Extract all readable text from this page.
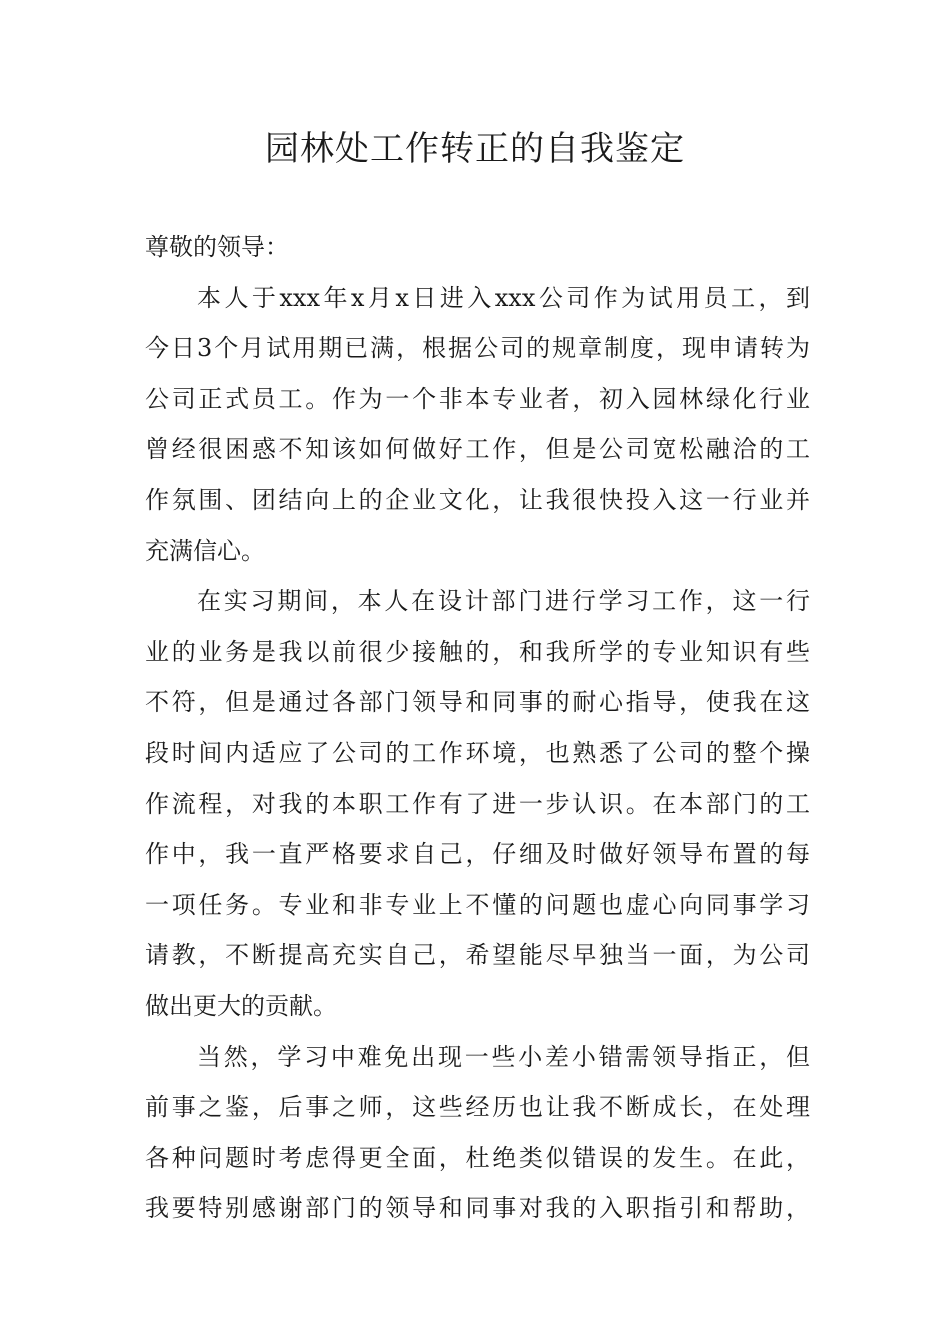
园林处工作转正的自我鉴定
尊敬的领导：
本人于xxx年x月x日进入xxx公司作为试用员工，到
今日3个月试用期已满，根据公司的规章制度，现申请转为
公司正式员工。作为一个非本专业者，初入园林绿化行业
曾经很困惑不知该如何做好工作，但是公司宽松融洽的工
作氛围、团结向上的企业文化，让我很快投入这一行业并
充满信心。
在实习期间，本人在设计部门进行学习工作，这一行
业的业务是我以前很少接触的，和我所学的专业知识有些
不符，但是通过各部门领导和同事的耐心指导，使我在这
段时间内适应了公司的工作环境，也熟悉了公司的整个操
作流程，对我的本职工作有了进一步认识。在本部门的工
作中，我一直严格要求自己，仔细及时做好领导布置的每
一项任务。专业和非专业上不懂的问题也虚心向同事学习
请教，不断提高充实自己，希望能尽早独当一面，为公司
做出更大的贡献。
当然，学习中难免出现一些小差小错需领导指正，但
前事之鉴，后事之师，这些经历也让我不断成长，在处理
各种问题时考虑得更全面，杜绝类似错误的发生。在此，
我要特别感谢部门的领导和同事对我的入职指引和帮助，
